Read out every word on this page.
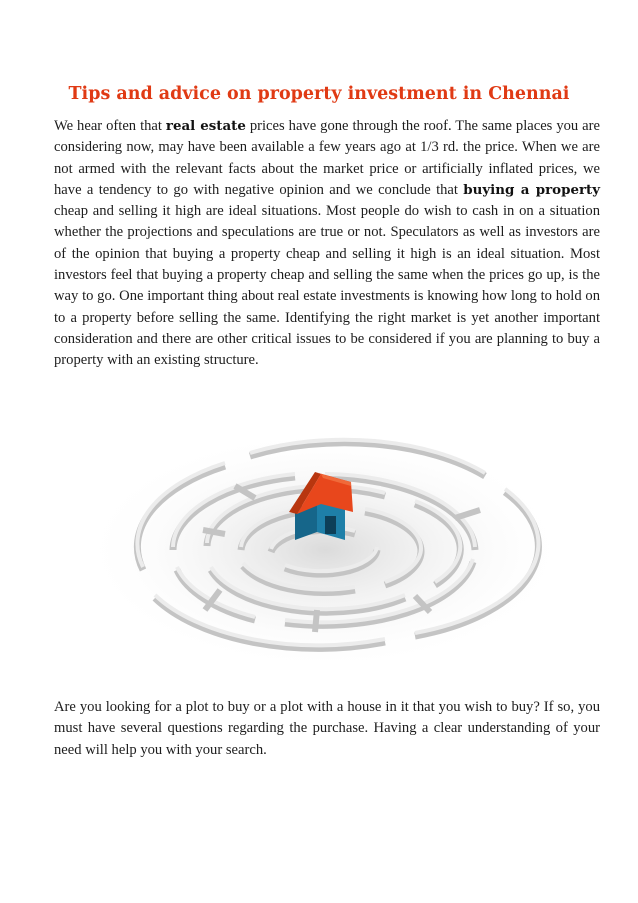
Tips and advice on property investment in Chennai

We hear often that real estate prices have gone through the roof. The same places you are considering now, may have been available a few years ago at 1/3 rd. the price. When we are not armed with the relevant facts about the market price or artificially inflated prices, we have a tendency to go with negative opinion and we conclude that buying a property cheap and selling it high are ideal situations. Most people do wish to cash in on a situation whether the projections and speculations are true or not. Speculators as well as investors are of the opinion that buying a property cheap and selling it high is an ideal situation. Most investors feel that buying a property cheap and selling the same when the prices go up, is the way to go. One important thing about real estate investments is knowing how long to hold on to a property before selling the same. Identifying the right market is yet another important consideration and there are other critical issues to be considered if you are planning to buy a property with an existing structure.

Are you looking for a plot to buy or a plot with a house in it that you wish to buy? If so, you must have several questions regarding the purchase. Having a clear understanding of your need will help you with your search.
